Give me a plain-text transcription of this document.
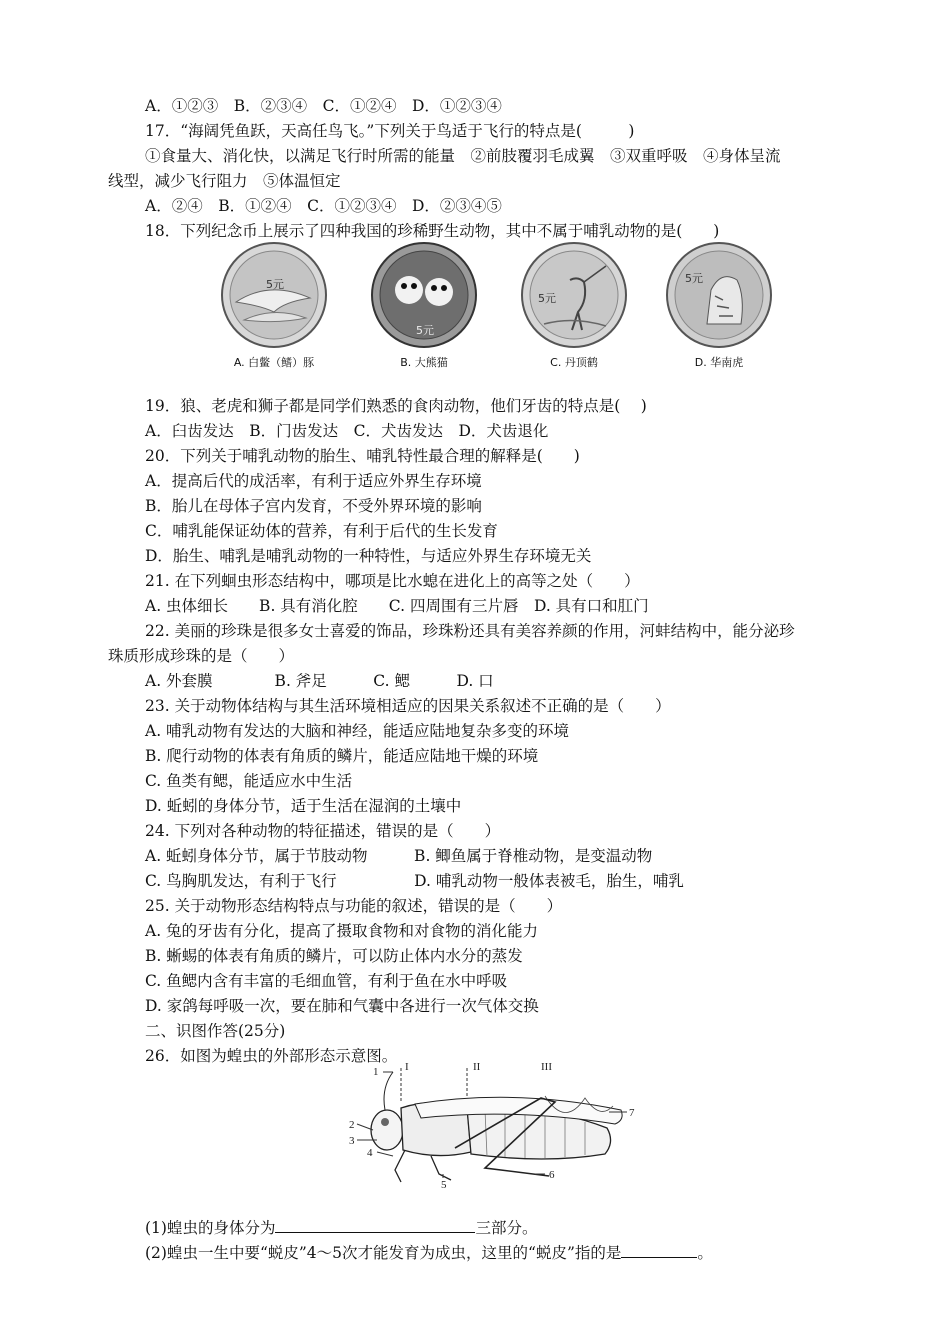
A．①②③　B．②③④　C．①②④　D．①②③④
17．“海阔凭鱼跃，天高任鸟飞。”下列关于鸟适于飞行的特点是(　　　)
①食量大、消化快，以满足飞行时所需的能量　②前肢覆羽毛成翼　③双重呼吸　④身体呈流
线型，减少飞行阻力　⑤体温恒定
A．②④　B．①②④　C．①②③④　D．②③④⑤
18．下列纪念币上展示了四种我国的珍稀野生动物，其中不属于哺乳动物的是(　　)
5元
A. 白鳖（鳍）豚
5元
B. 大熊猫
5元
C. 丹顶鹤
5元
D. 华南虎
19．狼、老虎和狮子都是同学们熟悉的食肉动物，他们牙齿的特点是(　 )
A．臼齿发达　B．门齿发达　C．犬齿发达　D．犬齿退化
20．下列关于哺乳动物的胎生、哺乳特性最合理的解释是(　　)
A．提高后代的成活率，有利于适应外界生存环境
B．胎儿在母体子宫内发育，不受外界环境的影响
C．哺乳能保证幼体的营养，有利于后代的生长发育
D．胎生、哺乳是哺乳动物的一种特性，与适应外界生存环境无关
21. 在下列蛔虫形态结构中，哪项是比水螅在进化上的高等之处（　　）
A. 虫体细长　　B. 具有消化腔　　C. 四周围有三片唇　D. 具有口和肛门
22. 美丽的珍珠是很多女士喜爱的饰品，珍珠粉还具有美容养颜的作用，河蚌结构中，能分泌珍
珠质形成珍珠的是（　　）
A. 外套膜　　　　B. 斧足　　　C. 鳃　　　D. 口
23. 关于动物体结构与其生活环境相适应的因果关系叙述不正确的是（　　）
A. 哺乳动物有发达的大脑和神经，能适应陆地复杂多变的环境
B. 爬行动物的体表有角质的鳞片，能适应陆地干燥的环境
C. 鱼类有鳃，能适应水中生活
D. 蚯蚓的身体分节，适于生活在湿润的土壤中
24. 下列对各种动物的特征描述，错误的是（　　）
A. 蚯蚓身体分节，属于节肢动物　　　B. 鲫鱼属于脊椎动物，是变温动物
C. 鸟胸肌发达，有利于飞行　　　　　D. 哺乳动物一般体表被毛，胎生，哺乳
25. 关于动物形态结构特点与功能的叙述，错误的是（　　）
A. 兔的牙齿有分化，提高了摄取食物和对食物的消化能力
B. 蜥蜴的体表有角质的鳞片，可以防止体内水分的蒸发
C. 鱼鳃内含有丰富的毛细血管，有利于鱼在水中呼吸
D. 家鸽每呼吸一次，要在肺和气囊中各进行一次气体交换
二、识图作答(25分)
26．如图为蝗虫的外部形态示意图。
I	II	III
1
2
3
4
5
6
7
(1)蝗虫的身体分为	三部分。
(2)蝗虫一生中要“蜕皮”4～5次才能发育为成虫，这里的“蜕皮”指的是	。
